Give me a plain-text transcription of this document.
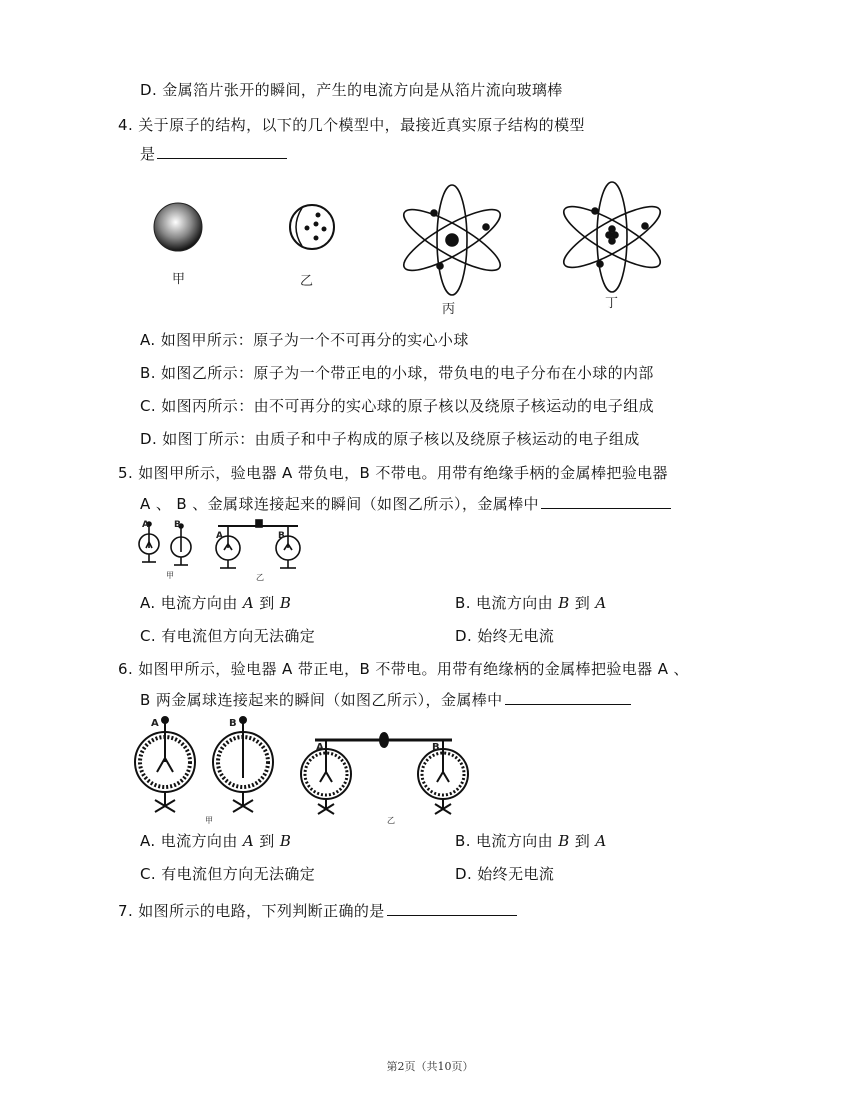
D. 金属箔片张开的瞬间，产生的电流方向是从箔片流向玻璃棒
4. 关于原子的结构，以下的几个模型中，最接近真实原子结构的模型
是
甲	乙
丙	丁
A. 如图甲所示：原子为一个不可再分的实心小球
B. 如图乙所示：原子为一个带正电的小球，带负电的电子分布在小球的内部
C. 如图丙所示：由不可再分的实心球的原子核以及绕原子核运动的电子组成
D. 如图丁所示：由质子和中子构成的原子核以及绕原子核运动的电子组成
5. 如图甲所示，验电器 A 带负电，B 不带电。用带有绝缘手柄的金属棒把验电器
A 、 B 、金属球连接起来的瞬间（如图乙所示），金属棒中
A	B
甲
A	B
乙
A. 电流方向由 A 到 B	B. 电流方向由 B 到 A
C. 有电流但方向无法确定	D. 始终无电流
6. 如图甲所示，验电器 A 带正电，B 不带电。用带有绝缘柄的金属棒把验电器 A 、
B 两金属球连接起来的瞬间（如图乙所示），金属棒中
A	B
甲
A	B
乙
A. 电流方向由 A 到 B	B. 电流方向由 B 到 A
C. 有电流但方向无法确定	D. 始终无电流
7. 如图所示的电路，下列判断正确的是
第2页（共10页）
